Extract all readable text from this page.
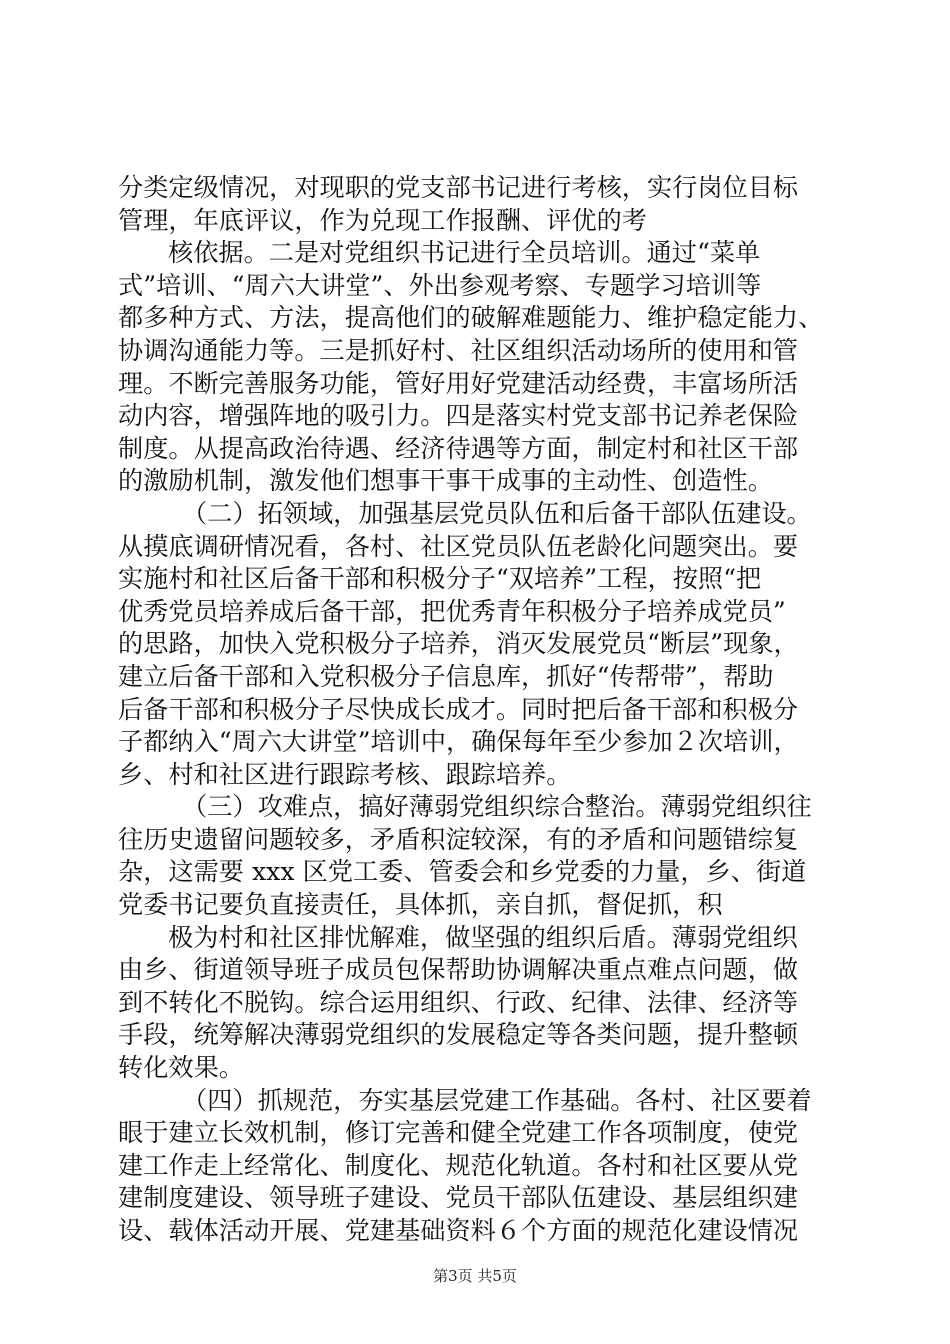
分类定级情况，对现职的党支部书记进行考核，实行岗位目标
管理，年底评议，作为兑现工作报酬、评优的考
核依据。二是对党组织书记进行全员培训。通过“菜单
式”培训、“周六大讲堂”、外出参观考察、专题学习培训等
都多种方式、方法，提高他们的破解难题能力、维护稳定能力、
协调沟通能力等。三是抓好村、社区组织活动场所的使用和管
理。不断完善服务功能，管好用好党建活动经费，丰富场所活
动内容，增强阵地的吸引力。四是落实村党支部书记养老保险
制度。从提高政治待遇、经济待遇等方面，制定村和社区干部
的激励机制，激发他们想事干事干成事的主动性、创造性。
（二）拓领域，加强基层党员队伍和后备干部队伍建设。
从摸底调研情况看，各村、社区党员队伍老龄化问题突出。要
实施村和社区后备干部和积极分子“双培养”工程，按照“把
优秀党员培养成后备干部，把优秀青年积极分子培养成党员”
的思路，加快入党积极分子培养，消灭发展党员“断层”现象，
建立后备干部和入党积极分子信息库，抓好“传帮带”，帮助
后备干部和积极分子尽快成长成才。同时把后备干部和积极分
子都纳入“周六大讲堂”培训中，确保每年至少参加２次培训，
乡、村和社区进行跟踪考核、跟踪培养。
（三）攻难点，搞好薄弱党组织综合整治。薄弱党组织往
往历史遗留问题较多，矛盾积淀较深，有的矛盾和问题错综复
杂，这需要 xxx 区党工委、管委会和乡党委的力量，乡、街道
党委书记要负直接责任，具体抓，亲自抓，督促抓，积
极为村和社区排忧解难，做坚强的组织后盾。薄弱党组织
由乡、街道领导班子成员包保帮助协调解决重点难点问题，做
到不转化不脱钩。综合运用组织、行政、纪律、法律、经济等
手段，统筹解决薄弱党组织的发展稳定等各类问题，提升整顿
转化效果。
（四）抓规范，夯实基层党建工作基础。各村、社区要着
眼于建立长效机制，修订完善和健全党建工作各项制度，使党
建工作走上经常化、制度化、规范化轨道。各村和社区要从党
建制度建设、领导班子建设、党员干部队伍建设、基层组织建
设、载体活动开展、党建基础资料６个方面的规范化建设情况
第3页 共5页
